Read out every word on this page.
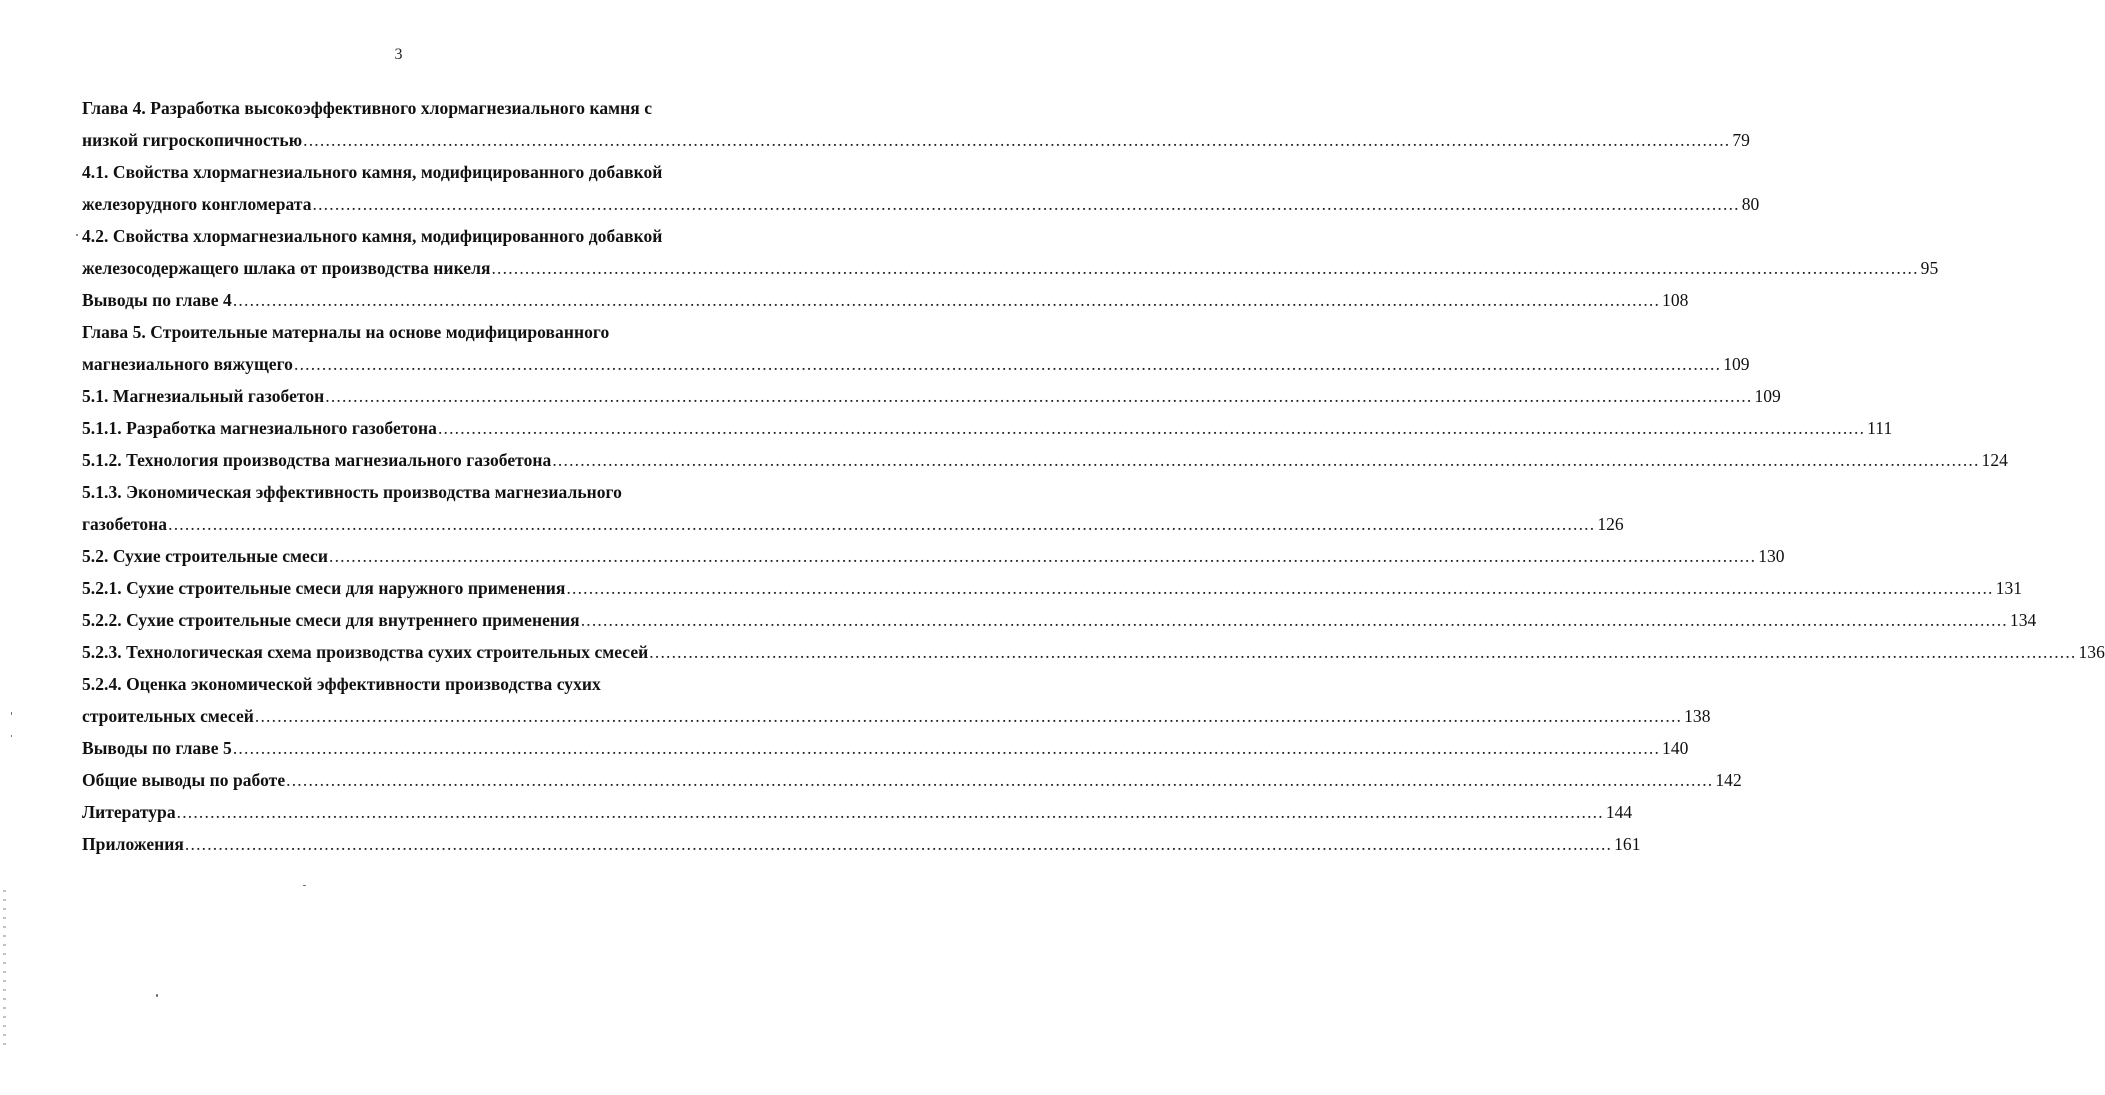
3
Глава 4. Разработка высокоэффективного хлормагнезиального камня с
низкой гигроскопичностью .....	79
4.1. Свойства хлормагнезиального камня, модифицированного добавкой
железорудного конгломерата .....	80
4.2. Свойства хлормагнезиального камня, модифицированного добавкой
железосодержащего шлака от производства никеля .....	95
Выводы по главе 4 .....	108
Глава 5. Строительные матерналы на основе модифицированного
магнезиального вяжущего .....	109
5.1. Магнезиальный газобетон .....	109
5.1.1. Разработка магнезиального газобетона .....	111
5.1.2. Технология производства магнезиального газобетона .....	124
5.1.3. Экономическая эффективность производства магнезиального
газобетона .....	126
5.2. Сухие строительные смеси .....	130
5.2.1. Сухие строительные смеси для наружного применения .....	131
5.2.2. Сухие строительные смеси для внутреннего применения .....	134
5.2.3. Технологическая схема производства сухих строительных смесей .....	136
5.2.4. Оценка экономической эффективности производства сухих
строительных смесей .....	138
Выводы по главе 5 .....	140
Общие выводы по работе .....	142
Литература .....	144
Приложения .....	161
